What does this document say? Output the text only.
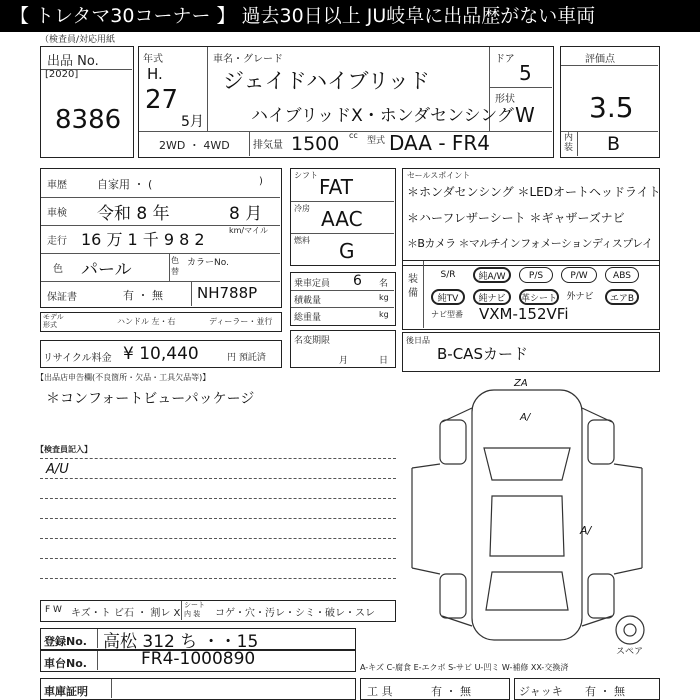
【 トレタマ30コーナー 】 過去30日以上 JU岐阜に出品歴がない車両
（検査員/対応用紙
出品 No.
[2020]
8386
年式
H.
27
5月
車名・グレード
ジェイドハイブリッド
ハイブリッドX・ホンダセンシング
ドア
5
形状
W
2WD ・ 4WD 排気量
cc
1500	型式 DAA - FR4
評価点
3.5
内
装 B
車歴	自家用 ・ (	)
車検 令和 8 年	8 月
走行 16 万 1 千 9 8 2	km/マイル
色 パール	色替
カラーNo.
保証書	有 ・ 無 NH788P
モデル
形式	ハンドル 左・右	ディーラー・並行
リサイクル料金 ¥ 10,440	円 預託済
【出品店申告欄(不良箇所・欠品・工具欠品等)】
＊コンフォートビューパッケージ
シフト FAT
冷房 AAC
燃料 G
乗車定員 6 名
積載量	kg
総重量	kg
名変期限
月	日
セールスポイント
＊ホンダセンシング ＊LEDオートヘッドライト
＊ハーフレザーシート ＊ギャザーズナビ
＊Bカメラ ＊マルチインフォメーションディスプレイ
装
備
S/R	純A/W	P/S	P/W	ABS
純TV	純ナビ	革シート	外ナビ	エアB
ナビ型番 VXM-152VFi
後日品
B-CASカード
【検査員記入】
A/U
ZA
A/
A/
スペア
F W キズ・ト ビ石 ・ 割レ X
シート
内 装	コゲ・穴・汚レ・シミ・破レ・スレ
登録No. 高松 312 ち ・・15
車台No.	FR4-1000890	A-キズ C-腐食 E-エクボ S-サビ U-凹ミ W-補修 XX-交換済
車庫証明	工 具	有 ・ 無	ジャッキ 有 ・ 無
